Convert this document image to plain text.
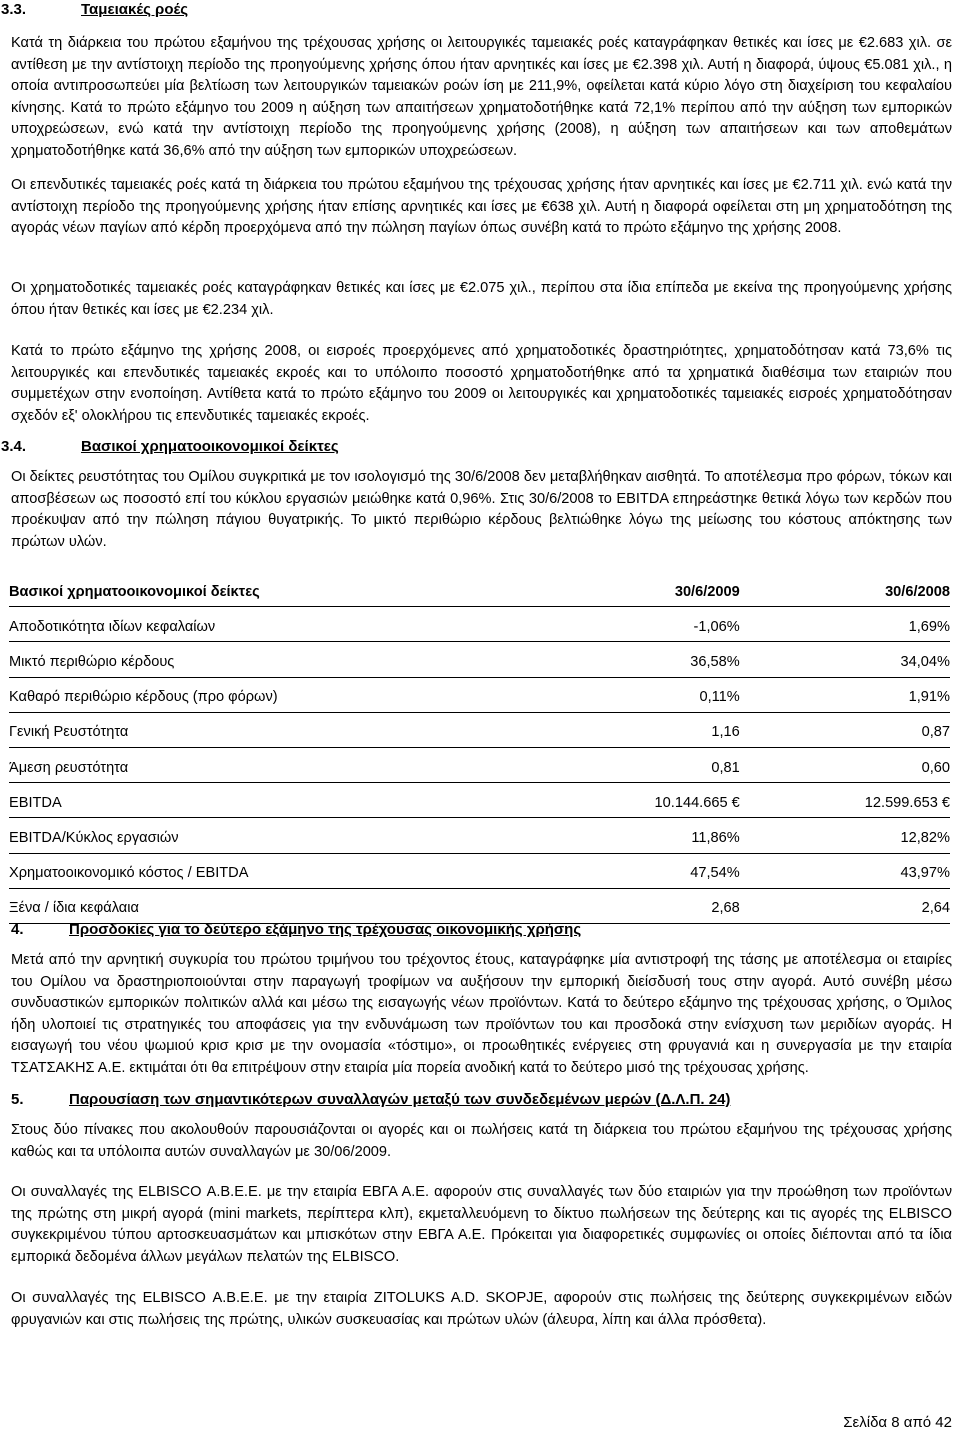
3.3.	Ταμειακές ροές

Κατά τη διάρκεια του πρώτου εξαμήνου της τρέχουσας χρήσης οι λειτουργικές ταμειακές ροές καταγράφηκαν θετικές και ίσες με €2.683 χιλ. σε αντίθεση με την αντίστοιχη περίοδο της προηγούμενης χρήσης όπου ήταν αρνητικές και ίσες με €2.398 χιλ. Αυτή η διαφορά, ύψους €5.081 χιλ., η οποία αντιπροσωπεύει μία βελτίωση των λειτουργικών ταμειακών ροών ίση με 211,9%, οφείλεται κατά κύριο λόγο στη διαχείριση του κεφαλαίου κίνησης. Κατά το πρώτο εξάμηνο του 2009 η αύξηση των απαιτήσεων χρηματοδοτήθηκε κατά 72,1% περίπου από την αύξηση των εμπορικών υποχρεώσεων, ενώ κατά την αντίστοιχη περίοδο της προηγούμενης χρήσης (2008), η αύξηση των απαιτήσεων και των αποθεμάτων χρηματοδοτήθηκε κατά 36,6% από την αύξηση των εμπορικών υποχρεώσεων.

Οι επενδυτικές ταμειακές ροές κατά τη διάρκεια του πρώτου εξαμήνου της τρέχουσας χρήσης ήταν αρνητικές και ίσες με €2.711 χιλ. ενώ κατά την αντίστοιχη περίοδο της προηγούμενης χρήσης ήταν επίσης αρνητικές και ίσες με €638 χιλ. Αυτή η διαφορά οφείλεται στη μη χρηματοδότηση της αγοράς νέων παγίων από κέρδη προερχόμενα από την πώληση παγίων όπως συνέβη κατά το πρώτο εξάμηνο της χρήσης 2008.

Οι χρηματοδοτικές ταμειακές ροές καταγράφηκαν θετικές και ίσες με €2.075 χιλ., περίπου στα ίδια επίπεδα με εκείνα της προηγούμενης χρήσης όπου ήταν θετικές και ίσες με €2.234 χιλ.

Κατά το πρώτο εξάμηνο της χρήσης 2008, οι εισροές προερχόμενες από χρηματοδοτικές δραστηριότητες, χρηματοδότησαν κατά 73,6% τις λειτουργικές και επενδυτικές ταμειακές εκροές και το υπόλοιπο ποσοστό χρηματοδοτήθηκε από τα χρηματικά διαθέσιμα των εταιριών που συμμετέχων στην ενοποίηση. Αντίθετα κατά το πρώτο εξάμηνο του 2009 οι λειτουργικές και χρηματοδοτικές ταμειακές εισροές χρηματοδότησαν σχεδόν εξ' ολοκλήρου τις επενδυτικές ταμειακές εκροές.

3.4.	Βασικοί χρηματοοικονομικοί δείκτες

Οι δείκτες ρευστότητας του Ομίλου συγκριτικά με τον ισολογισμό της 30/6/2008 δεν μεταβλήθηκαν αισθητά. Το αποτέλεσμα προ φόρων, τόκων και αποσβέσεων ως ποσοστό επί του κύκλου εργασιών μειώθηκε κατά 0,96%. Στις 30/6/2008 το EBITDA επηρεάστηκε θετικά λόγω των κερδών που προέκυψαν από την πώληση πάγιου θυγατρικής. Το μικτό περιθώριο κέρδους βελτιώθηκε λόγω της μείωσης του κόστους απόκτησης των πρώτων υλών.

Βασικοί χρηματοοικονομικοί δείκτες	30/6/2009	30/6/2008
Αποδοτικότητα ιδίων κεφαλαίων	-1,06%	1,69%
Μικτό περιθώριο κέρδους	36,58%	34,04%
Καθαρό περιθώριο κέρδους (προ φόρων)	0,11%	1,91%
Γενική Ρευστότητα	1,16	0,87
Άμεση ρευστότητα	0,81	0,60
EBITDA	10.144.665 €	12.599.653 €
EBITDA/Κύκλος εργασιών	11,86%	12,82%
Χρηματοοικονομικό κόστος / EBITDA	47,54%	43,97%
Ξένα / ίδια κεφάλαια	2,68	2,64
4.	Προσδοκίες για το δεύτερο εξάμηνο της τρέχουσας οικονομικής χρήσης

Μετά από την αρνητική συγκυρία του πρώτου τριμήνου του τρέχοντος έτους, καταγράφηκε μία αντιστροφή της τάσης με αποτέλεσμα οι εταιρίες του Ομίλου να δραστηριοποιούνται στην παραγωγή τροφίμων να αυξήσουν την εμπορική διείσδυσή τους στην αγορά. Αυτό συνέβη μέσω συνδυαστικών εμπορικών πολιτικών αλλά και μέσω της εισαγωγής νέων προϊόντων. Κατά το δεύτερο εξάμηνο της τρέχουσας χρήσης, ο Όμιλος ήδη υλοποιεί τις στρατηγικές του αποφάσεις για την ενδυνάμωση των προϊόντων του και προσδοκά στην ενίσχυση των μεριδίων αγοράς. Η εισαγωγή του νέου ψωμιού κρισ κρισ με την ονομασία «τόστιμο», οι προωθητικές ενέργειες στη φρυγανιά και η συνεργασία με την εταιρία ΤΣΑΤΣΑΚΗΣ Α.Ε. εκτιμάται ότι θα επιτρέψουν στην εταιρία μία πορεία ανοδική κατά το δεύτερο μισό της τρέχουσας χρήσης.

5.	Παρουσίαση των σημαντικότερων συναλλαγών μεταξύ των συνδεδεμένων μερών (Δ.Λ.Π. 24)

Στους δύο πίνακες που ακολουθούν παρουσιάζονται οι αγορές και οι πωλήσεις κατά τη διάρκεια του πρώτου εξαμήνου της τρέχουσας χρήσης καθώς και τα υπόλοιπα αυτών συναλλαγών με 30/06/2009.

Οι συναλλαγές της ELBISCO Α.Β.Ε.Ε. με την εταιρία ΕΒΓΑ Α.Ε. αφορούν στις συναλλαγές των δύο εταιριών για την προώθηση των προϊόντων της πρώτης στη μικρή αγορά (mini markets, περίπτερα κλπ), εκμεταλλευόμενη το δίκτυο πωλήσεων της δεύτερης και τις αγορές της ELBISCO συγκεκριμένου τύπου αρτοσκευασμάτων και μπισκότων στην ΕΒΓΑ Α.Ε. Πρόκειται για διαφορετικές συμφωνίες οι οποίες διέπονται από τα ίδια εμπορικά δεδομένα άλλων μεγάλων πελατών της ELBISCO.

Οι συναλλαγές της ELBISCO Α.Β.Ε.Ε. με την εταιρία ZITOLUKS A.D. SKOPJE, αφορούν στις πωλήσεις της δεύτερης συγκεκριμένων ειδών φρυγανιών και στις πωλήσεις της πρώτης, υλικών συσκευασίας και πρώτων υλών (άλευρα, λίπη και άλλα πρόσθετα).

Σελίδα 8 από 42
